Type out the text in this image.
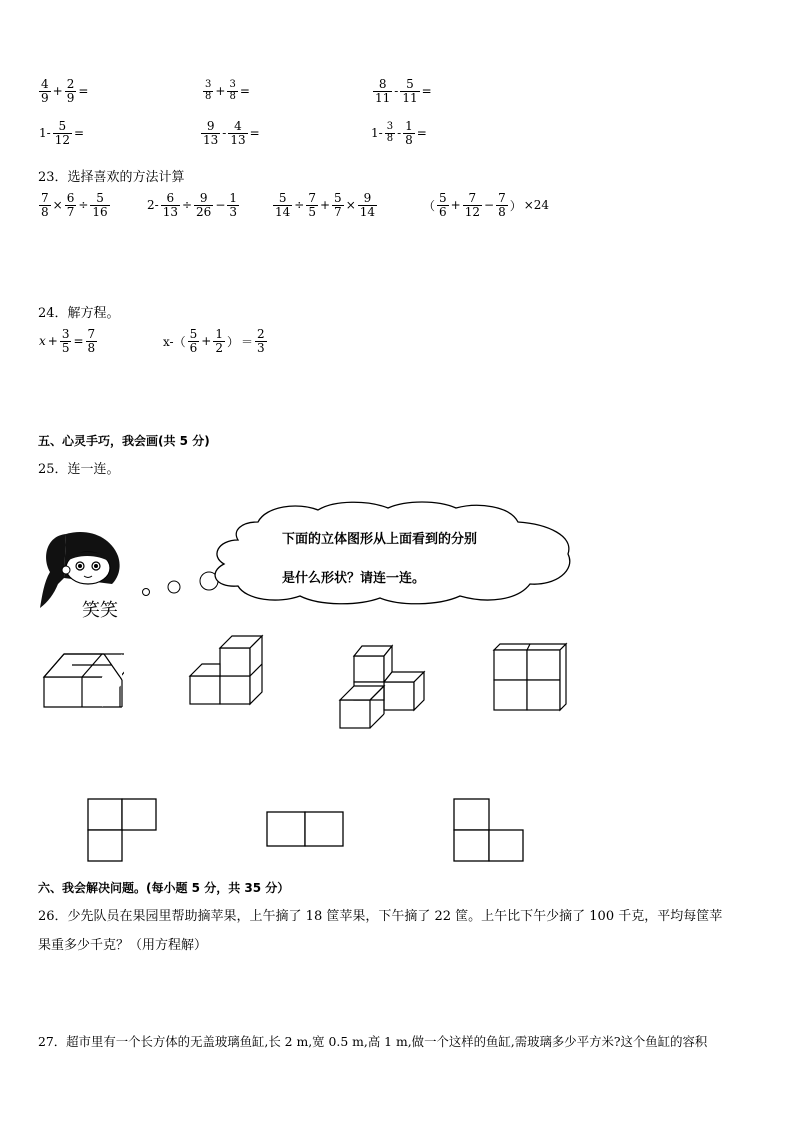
$\frac{4}{9} + \frac{2}{9}$ =	$\frac{3}{8} + \frac{3}{8}$ =	$\frac{8}{11} - \frac{5}{11}$ =
$1- \frac{5}{12}$ =	$\frac{9}{13} - \frac{4}{13}$ =	$1- \frac{3}{8} - \frac{1}{8}$ =
23．选择喜欢的方法计算
$\frac{7}{8} \times \frac{6}{7} \div \frac{5}{16}$	$2- \frac{6}{13} \div \frac{9}{26} - \frac{1}{3}$	$\frac{5}{14} \div \frac{7}{5} + \frac{5}{7} \times \frac{9}{14}$	（ $\frac{5}{6} + \frac{7}{12} - \frac{7}{8}$ ） ×24
24．解方程。
$x + \frac{3}{5} = \frac{7}{8}$	$x-( \frac{5}{6} + \frac{1}{2}$ ） ＝ $\frac{2}{3}$
五、心灵手巧，我会画(共 5 分)
25．连一连。
笑笑
下面的立体图形从上面看到的分别
是什么形状？请连一连。
六、我会解决问题。(每小题 5 分，共 35 分）
26．少先队员在果园里帮助摘苹果，上午摘了 18 筐苹果，下午摘了 22 筐。上午比下午少摘了 100 千克，平均每筐苹
果重多少千克？（用方程解）
27．超市里有一个长方体的无盖玻璃鱼缸,长 2 m,宽 0.5 m,高 1 m,做一个这样的鱼缸,需玻璃多少平方米?这个鱼缸的容积
